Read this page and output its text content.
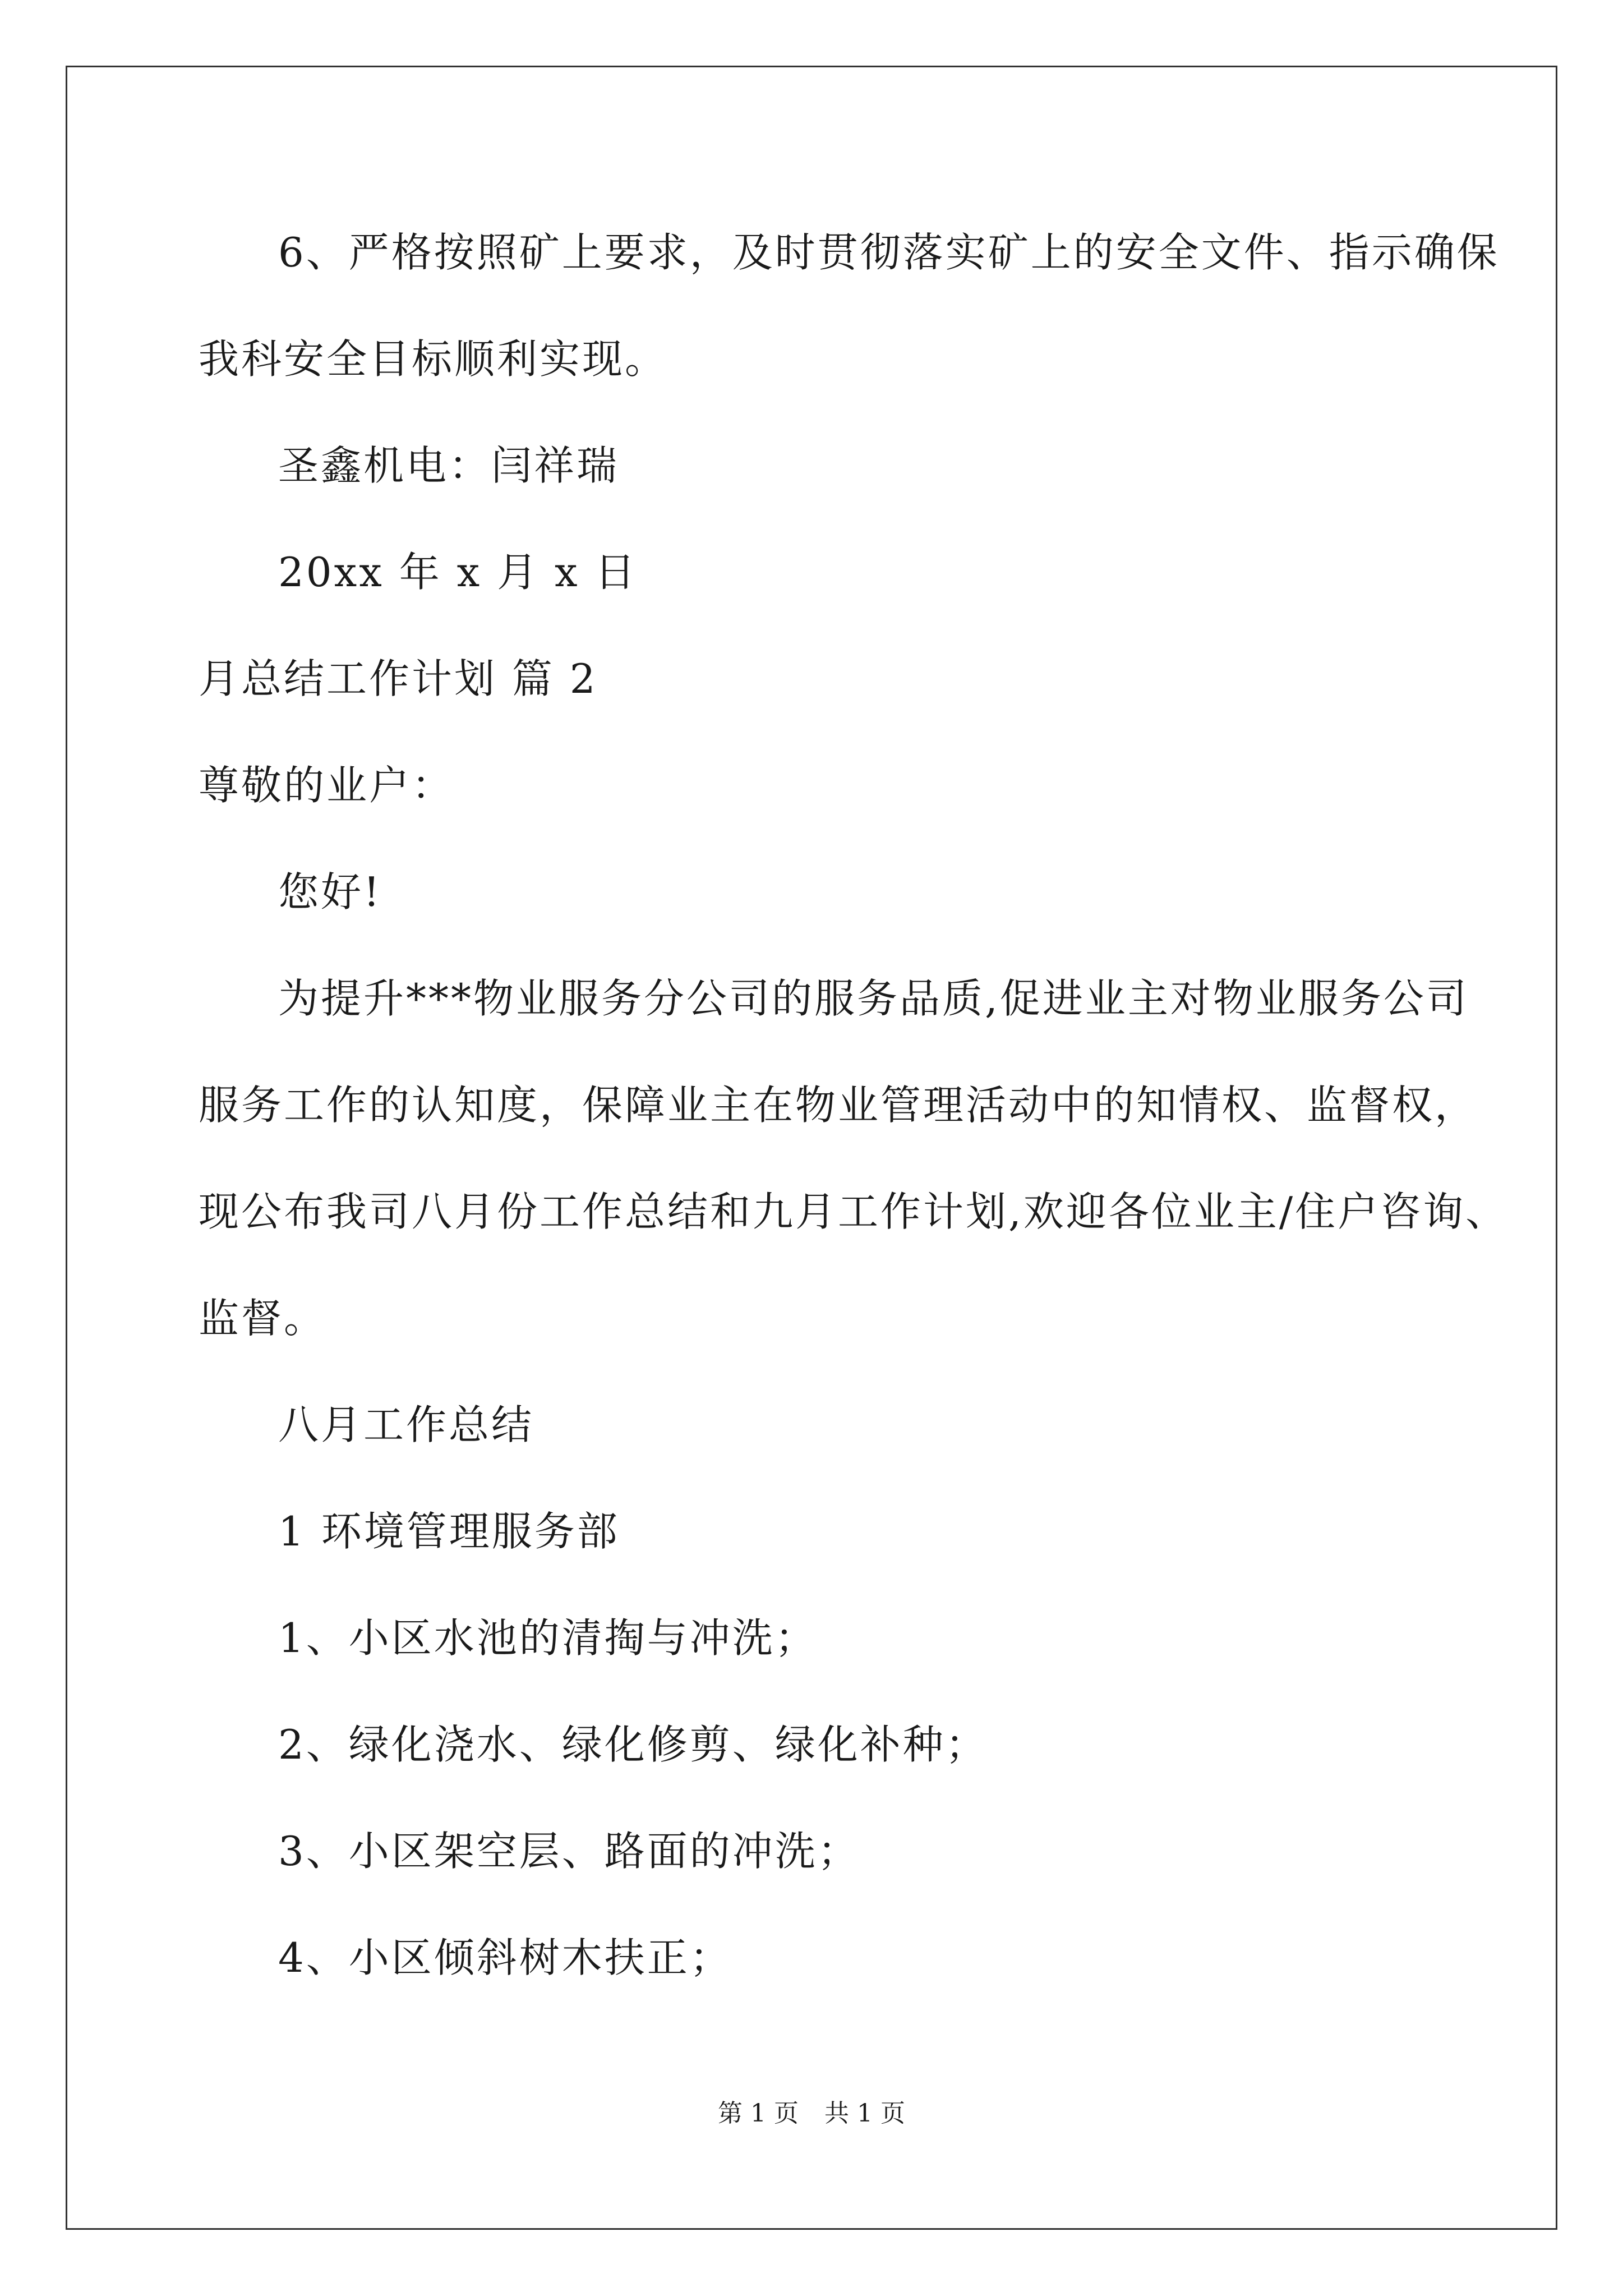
6、严格按照矿上要求，及时贯彻落实矿上的安全文件、指示确保
我科安全目标顺利实现。
圣鑫机电：闫祥瑞
20xx 年 x 月 x 日
月总结工作计划 篇 2
尊敬的业户：
您好!
为提升***物业服务分公司的服务品质,促进业主对物业服务公司
服务工作的认知度，保障业主在物业管理活动中的知情权、监督权，
现公布我司八月份工作总结和九月工作计划,欢迎各位业主/住户咨询、
监督。
八月工作总结
1 环境管理服务部
1、小区水池的清掏与冲洗；
2、绿化浇水、绿化修剪、绿化补种；
3、小区架空层、路面的冲洗；
4、小区倾斜树木扶正；
第 1 页 共 1 页
